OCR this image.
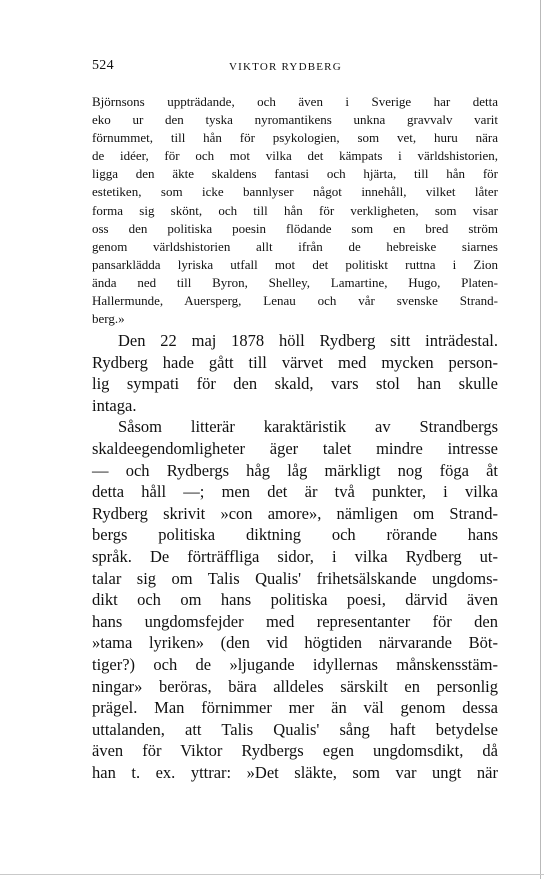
524	VIKTOR RYDBERG
Björnsons uppträdande, och även i Sverige har detta
eko ur den tyska nyromantikens unkna gravvalv varit
förnummet, till hån för psykologien, som vet, huru nära
de idéer, för och mot vilka det kämpats i världshistorien,
ligga den äkte skaldens fantasi och hjärta, till hån för
estetiken, som icke bannlyser något innehåll, vilket låter
forma sig skönt, och till hån för verkligheten, som visar
oss den politiska poesin flödande som en bred ström
genom världshistorien allt ifrån de hebreiske siarnes
pansarklädda lyriska utfall mot det politiskt ruttna i Zion
ända ned till Byron, Shelley, Lamartine, Hugo, Platen-
Hallermunde, Auersperg, Lenau och vår svenske Strand-
berg.»
Den 22 maj 1878 höll Rydberg sitt inträdestal.
Rydberg hade gått till värvet med mycken person-
lig sympati för den skald, vars stol han skulle
intaga.
Såsom litterär karaktäristik av Strandbergs
skaldeegendomligheter äger talet mindre intresse
— och Rydbergs håg låg märkligt nog föga åt
detta håll —; men det är två punkter, i vilka
Rydberg skrivit »con amore», nämligen om Strand-
bergs politiska diktning och rörande hans
språk. De förträffliga sidor, i vilka Rydberg ut-
talar sig om Talis Qualis' frihetsälskande ungdoms-
dikt och om hans politiska poesi, därvid även
hans ungdomsfejder med representanter för den
»tama lyriken» (den vid högtiden närvarande Böt-
tiger?) och de »ljugande idyllernas månskensstäm-
ningar» beröras, bära alldeles särskilt en personlig
prägel. Man förnimmer mer än väl genom dessa
uttalanden, att Talis Qualis' sång haft betydelse
även för Viktor Rydbergs egen ungdomsdikt, då
han t. ex. yttrar: »Det släkte, som var ungt när
